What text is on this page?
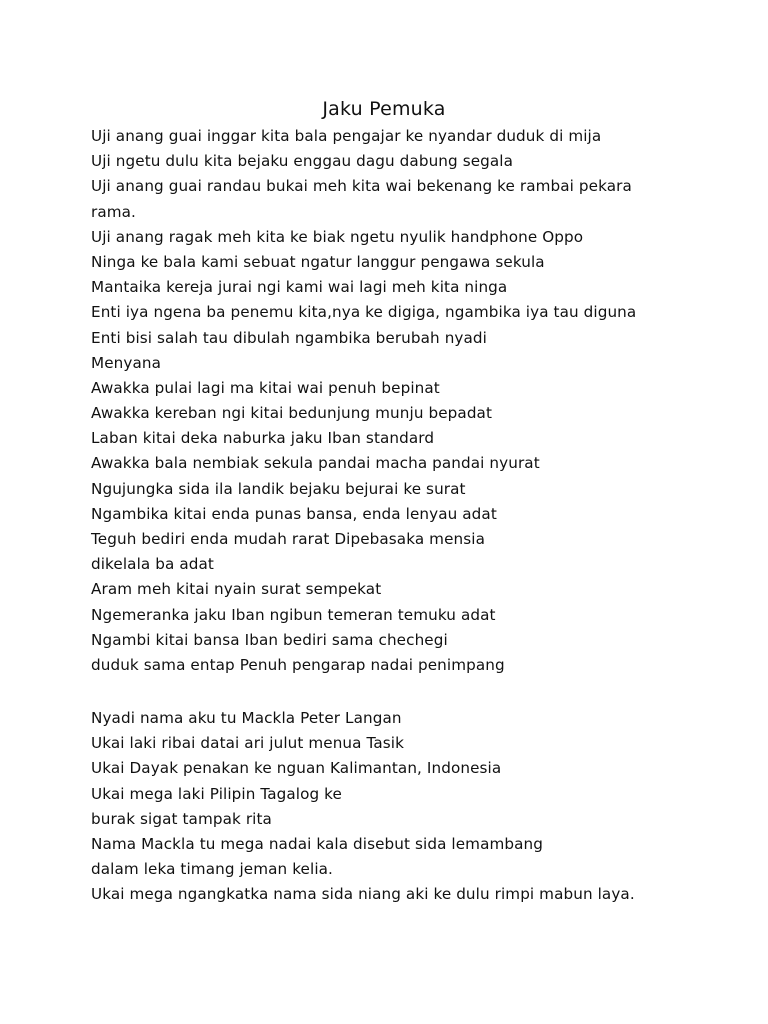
Jaku Pemuka
Uji anang guai inggar kita bala pengajar ke nyandar duduk di mija
Uji ngetu dulu kita bejaku enggau dagu dabung segala
Uji anang guai randau bukai meh kita wai bekenang ke rambai pekara
rama.
Uji anang ragak meh kita ke biak ngetu nyulik handphone Oppo
Ninga ke bala kami sebuat ngatur langgur pengawa sekula
Mantaika kereja jurai ngi kami wai lagi meh kita ninga
Enti iya ngena ba penemu kita,nya ke digiga, ngambika iya tau diguna
Enti bisi salah tau dibulah ngambika berubah nyadi
Menyana
Awakka pulai lagi ma kitai wai penuh bepinat
Awakka kereban ngi kitai bedunjung munju bepadat
Laban kitai deka naburka jaku Iban standard
Awakka bala nembiak sekula pandai macha pandai nyurat
Ngujungka sida ila landik bejaku bejurai ke surat
Ngambika kitai enda punas bansa, enda lenyau adat
Teguh bediri enda mudah rarat Dipebasaka mensia
dikelala ba adat
Aram meh kitai nyain surat sempekat
Ngemeranka jaku Iban ngibun temeran temuku adat
Ngambi kitai bansa Iban bediri sama chechegi
duduk sama entap Penuh pengarap nadai penimpang
Nyadi nama aku tu Mackla Peter Langan
Ukai laki ribai datai ari julut menua Tasik
Ukai Dayak penakan ke nguan Kalimantan, Indonesia
Ukai mega laki Pilipin Tagalog ke
burak sigat tampak rita
Nama Mackla tu mega nadai kala disebut sida lemambang
dalam leka timang jeman kelia.
Ukai mega ngangkatka nama sida niang aki ke dulu rimpi mabun laya.
